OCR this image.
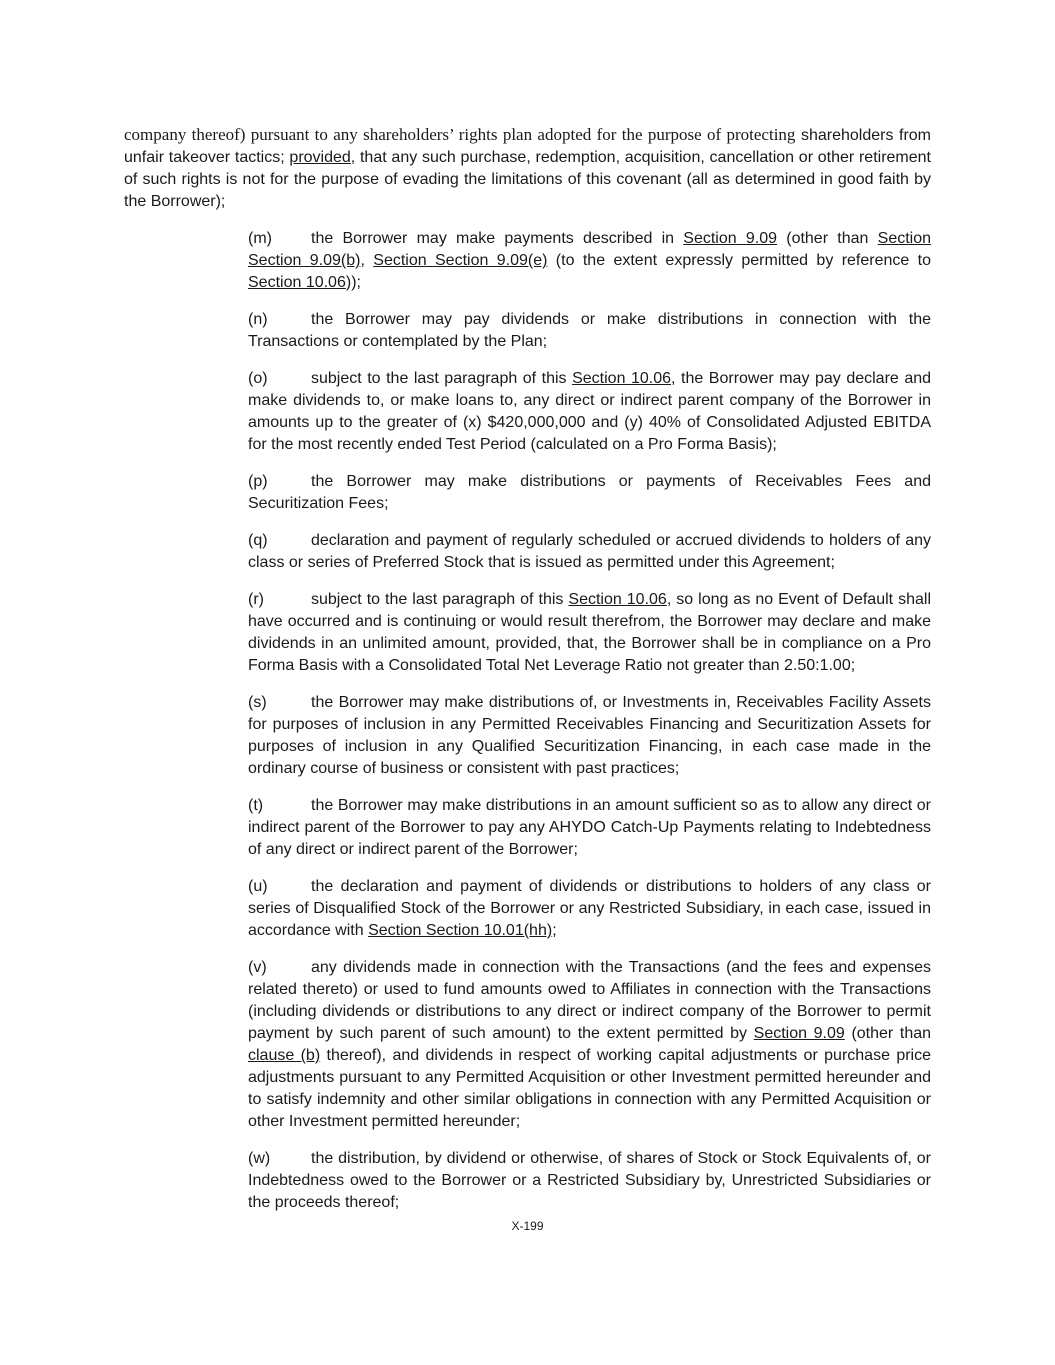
company thereof) pursuant to any shareholders’ rights plan adopted for the purpose of protecting shareholders from unfair takeover tactics; provided, that any such purchase, redemption, acquisition, cancellation or other retirement of such rights is not for the purpose of evading the limitations of this covenant (all as determined in good faith by the Borrower);

(m) the Borrower may make payments described in Section 9.09 (other than Section Section 9.09(b), Section Section 9.09(e) (to the extent expressly permitted by reference to Section 10.06));

(n)	the Borrower may pay dividends or make distributions in connection with the Transactions or contemplated by the Plan;

(o)	subject to the last paragraph of this Section 10.06, the Borrower may pay declare and make dividends to, or make loans to, any direct or indirect parent company of the Borrower in amounts up to the greater of (x) $420,000,000 and (y) 40% of Consolidated Adjusted EBITDA for the most recently ended Test Period (calculated on a Pro Forma Basis);

(p)	the Borrower may make distributions or payments of Receivables Fees and Securitization Fees;

(q)	declaration and payment of regularly scheduled or accrued dividends to holders of any class or series of Preferred Stock that is issued as permitted under this Agreement;

(r)	subject to the last paragraph of this Section 10.06, so long as no Event of Default shall have occurred and is continuing or would result therefrom, the Borrower may declare and make dividends in an unlimited amount, provided, that, the Borrower shall be in compliance on a Pro Forma Basis with a Consolidated Total Net Leverage Ratio not greater than 2.50:1.00;

(s)	the Borrower may make distributions of, or Investments in, Receivables Facility Assets for purposes of inclusion in any Permitted Receivables Financing and Securitization Assets for purposes of inclusion in any Qualified Securitization Financing, in each case made in the ordinary course of business or consistent with past practices;

(t)	the Borrower may make distributions in an amount sufficient so as to allow any direct or indirect parent of the Borrower to pay any AHYDO Catch-Up Payments relating to Indebtedness of any direct or indirect parent of the Borrower;

(u)	the declaration and payment of dividends or distributions to holders of any class or series of Disqualified Stock of the Borrower or any Restricted Subsidiary, in each case, issued in accordance with Section Section 10.01(hh);

(v)	any dividends made in connection with the Transactions (and the fees and expenses related thereto) or used to fund amounts owed to Affiliates in connection with the Transactions (including dividends or distributions to any direct or indirect company of the Borrower to permit payment by such parent of such amount) to the extent permitted by Section 9.09 (other than clause (b) thereof), and dividends in respect of working capital adjustments or purchase price adjustments pursuant to any Permitted Acquisition or other Investment permitted hereunder and to satisfy indemnity and other similar obligations in connection with any Permitted Acquisition or other Investment permitted hereunder;

(w)	the distribution, by dividend or otherwise, of shares of Stock or Stock Equivalents of, or Indebtedness owed to the Borrower or a Restricted Subsidiary by, Unrestricted Subsidiaries or the proceeds thereof;

X-199
